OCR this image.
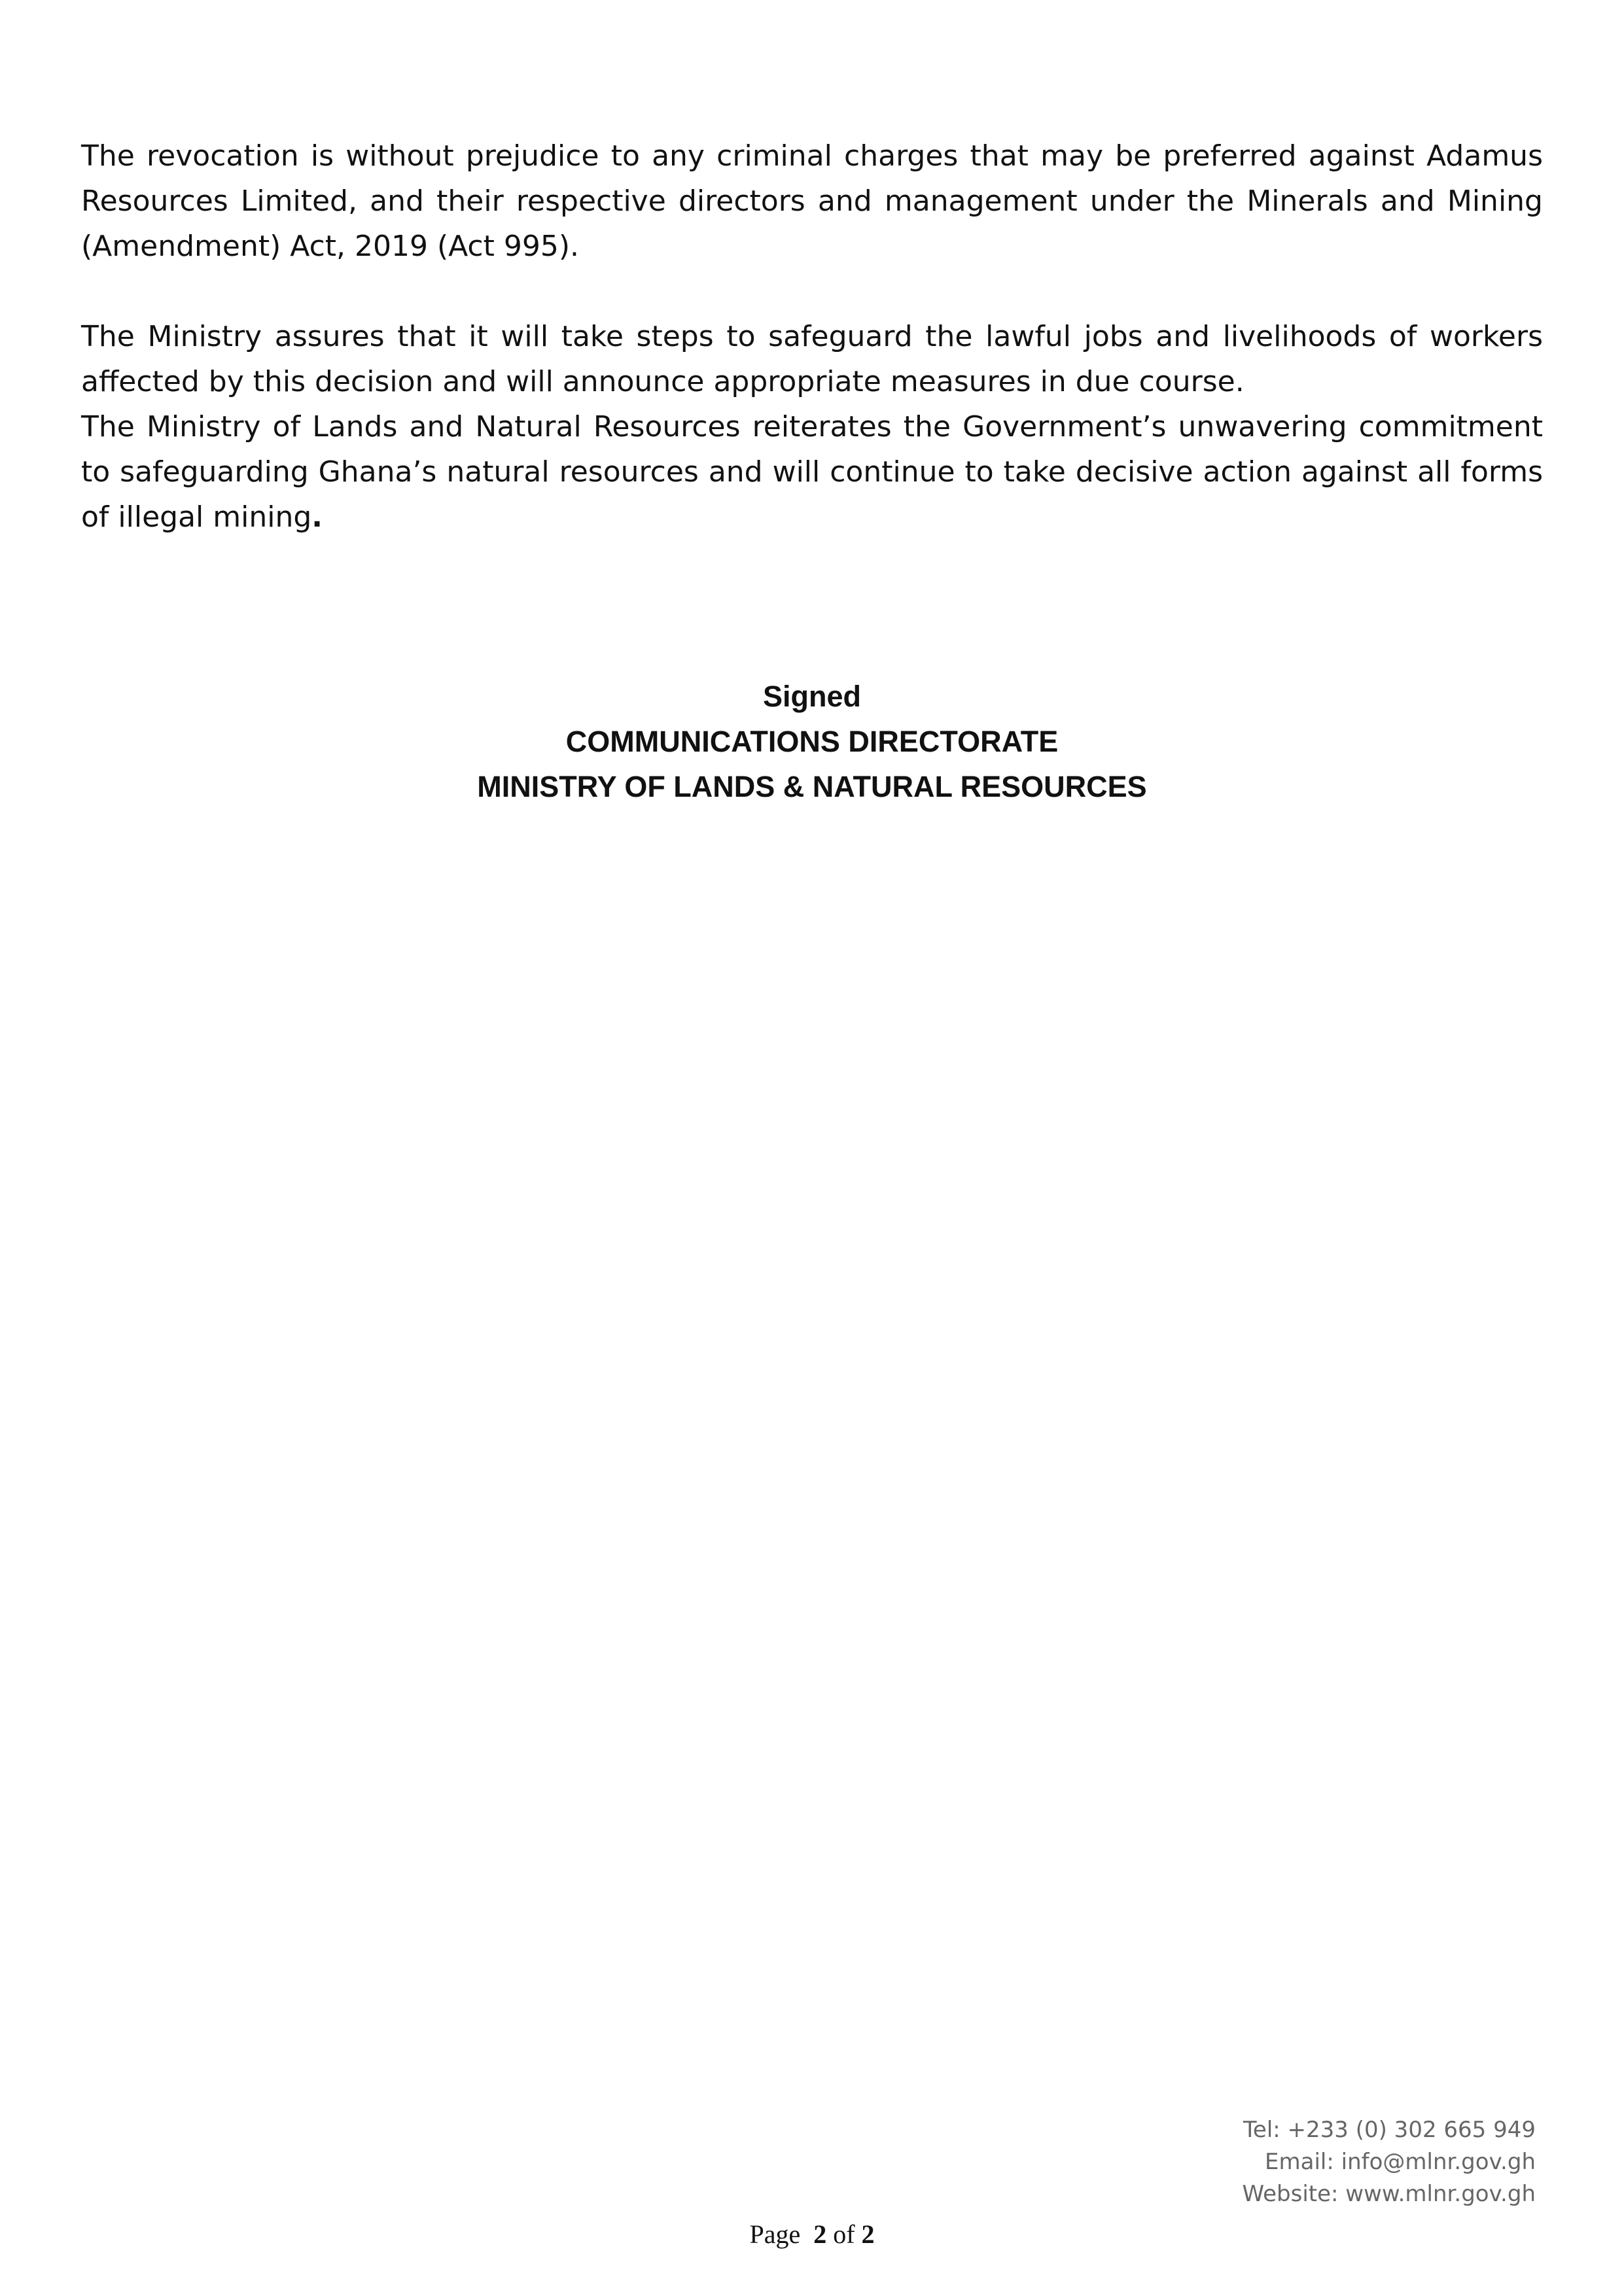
The revocation is without prejudice to any criminal charges that may be preferred against Adamus Resources Limited, and their respective directors and management under the Minerals and Mining (Amendment) Act, 2019 (Act 995).

The Ministry assures that it will take steps to safeguard the lawful jobs and livelihoods of workers affected by this decision and will announce appropriate measures in due course.

The Ministry of Lands and Natural Resources reiterates the Government’s unwavering commitment to safeguarding Ghana’s natural resources and will continue to take decisive action against all forms of illegal mining.

Signed
COMMUNICATIONS DIRECTORATE
MINISTRY OF LANDS & NATURAL RESOURCES
Tel: +233 (0) 302 665 949
Email: info@mlnr.gov.gh
Website: www.mlnr.gov.gh
Page 2 of 2
